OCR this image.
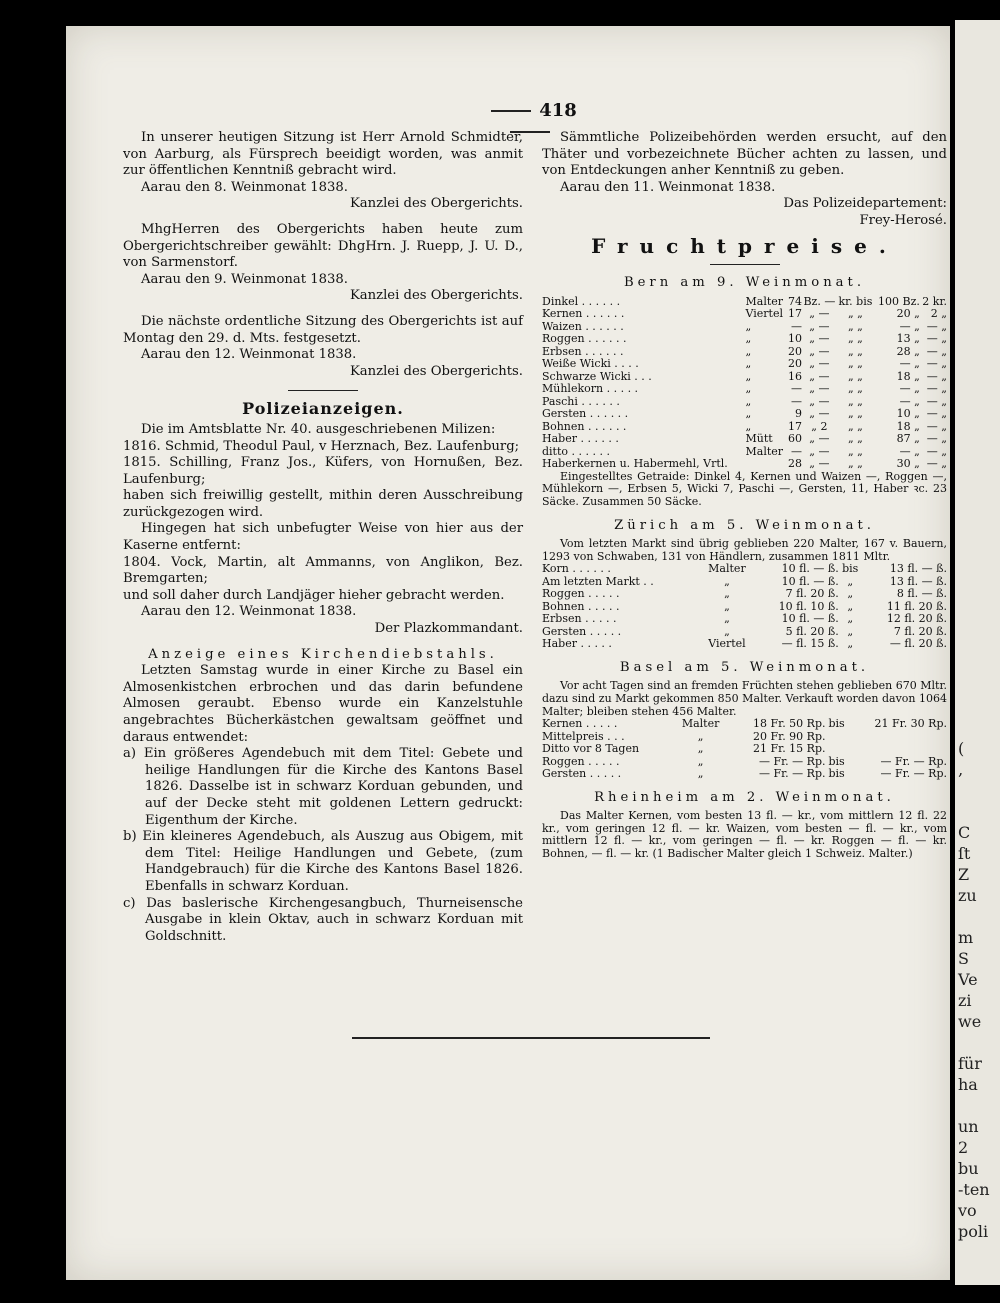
(
‚
C
ſt
Z
zu
m
S
Ve
zi
we
für
ha
un
2
bu
-ten
vo
poli
418

In unserer heutigen Sitzung ist Herr Arnold Schmidter, von Aarburg, als Fürsprech beeidigt worden, was anmit zur öffentlichen Kenntniß gebracht wird.

Aarau den 8. Weinmonat 1838.

Kanzlei des Obergerichts.

MhgHerren des Obergerichts haben heute zum Obergerichtschreiber gewählt: DhgHrn. J. Ruepp, J. U. D., von Sarmenstorf.

Aarau den 9. Weinmonat 1838.

Kanzlei des Obergerichts.

Die nächste ordentliche Sitzung des Obergerichts ist auf Montag den 29. d. Mts. festgesetzt.

Aarau den 12. Weinmonat 1838.

Kanzlei des Obergerichts.

Polizeianzeigen.

Die im Amtsblatte Nr. 40. ausgeschriebenen Milizen:

1816. Schmid, Theodul Paul, v Herznach, Bez. Laufenburg;

1815. Schilling, Franz Jos., Küfers, von Hornußen, Bez. Laufenburg;

haben sich freiwillig gestellt, mithin deren Ausschreibung zurückgezogen wird.

Hingegen hat sich unbefugter Weise von hier aus der Kaserne entfernt:

1804. Vock, Martin, alt Ammanns, von Anglikon, Bez. Bremgarten;

und soll daher durch Landjäger hieher gebracht werden.

Aarau den 12. Weinmonat 1838.

Der Plazkommandant.

Anzeige eines Kirchendiebstahls.

Letzten Samstag wurde in einer Kirche zu Basel ein Almosenkistchen erbrochen und das darin befundene Almosen geraubt. Ebenso wurde ein Kanzelstuhle angebrachtes Bücherkästchen gewaltsam geöffnet und daraus entwendet:

a) Ein größeres Agendebuch mit dem Titel: Gebete und heilige Handlungen für die Kirche des Kantons Basel 1826. Dasselbe ist in schwarz Korduan gebunden, und auf der Decke steht mit goldenen Lettern gedruckt: Eigenthum der Kirche.

b) Ein kleineres Agendebuch, als Auszug aus Obigem, mit dem Titel: Heilige Handlungen und Gebete, (zum Handgebrauch) für die Kirche des Kantons Basel 1826. Ebenfalls in schwarz Korduan.

c) Das baslerische Kirchengesangbuch, Thurneisensche Ausgabe in klein Oktav, auch in schwarz Korduan mit Goldschnitt.

Sämmtliche Polizeibehörden werden ersucht, auf den Thäter und vorbezeichnete Bücher achten zu lassen, und von Entdeckungen anher Kenntniß zu geben.

Aarau den 11. Weinmonat 1838.

Das Polizeidepartement:

Frey-Herosé.

Fruchtpreise.

Bern am 9. Weinmonat.

Dinkel . . . . . .	Malter	74	Bz. —	kr. bis	100 Bz.	2 kr.
Kernen . . . . . .	Viertel	17	„ —	„ „	20 „	2 „
Waizen . . . . . .	„	—	„ —	„ „	— „	— „
Roggen . . . . . .	„	10	„ —	„ „	13 „	— „
Erbsen . . . . . .	„	20	„ —	„ „	28 „	— „
Weiße Wicki . . . .	„	20	„ —	„ „	— „	— „
Schwarze Wicki . . .	„	16	„ —	„ „	18 „	— „
Mühlekorn . . . . .	„	—	„ —	„ „	— „	— „
Paschi . . . . . .	„	—	„ —	„ „	— „	— „
Gersten . . . . . .	„	9	„ —	„ „	10 „	— „
Bohnen . . . . . .	„	17	„ 2	„ „	18 „	— „
Haber . . . . . .	Mütt	60	„ —	„ „	87 „	— „
ditto . . . . . .	Malter	—	„ —	„ „	— „	— „
Haberkernen u. Habermehl, Vrtl.		28	„ —	„ „	30 „	— „

Eingestelltes Getraide: Dinkel 4, Kernen und Waizen —, Roggen —, Mühlekorn —, Erbsen 5, Wicki 7, Paschi —, Gersten, 11, Haber ꝛc. 23 Säcke. Zusammen 50 Säcke.

Zürich am 5. Weinmonat.

Vom letzten Markt sind übrig geblieben 220 Malter, 167 v. Bauern, 1293 von Schwaben, 131 von Händlern, zusammen 1811 Mltr.

Korn . . . . . .	Malter	10 fl. — ß.	bis	13 fl. — ß.
Am letzten Markt . .	„	10 fl. — ß.	„	13 fl. — ß.
Roggen . . . . .	„	7 fl. 20 ß.	„	8 fl. — ß.
Bohnen . . . . .	„	10 fl. 10 ß.	„	11 fl. 20 ß.
Erbsen . . . . .	„	10 fl. — ß.	„	12 fl. 20 ß.
Gersten . . . . .	„	5 fl. 20 ß.	„	7 fl. 20 ß.
Haber . . . . .	Viertel	— fl. 15 ß.	„	— fl. 20 ß.

Basel am 5. Weinmonat.

Vor acht Tagen sind an fremden Früchten stehen geblieben 670 Mltr. dazu sind zu Markt gekommen 850 Malter. Verkauft worden davon 1064 Malter; bleiben stehen 456 Malter.

Kernen . . . . .	Malter	18 Fr. 50 Rp.	bis	21 Fr. 30 Rp.
Mittelpreis . . .	„	20 Fr. 90 Rp.		
Ditto vor 8 Tagen	„	21 Fr. 15 Rp.		
Roggen . . . . .	„	— Fr. — Rp.	bis	— Fr. — Rp.
Gersten . . . . .	„	— Fr. — Rp.	bis	— Fr. — Rp.

Rheinheim am 2. Weinmonat.

Das Malter Kernen, vom besten 13 fl. — kr., vom mittlern 12 fl. 22 kr., vom geringen 12 fl. — kr. Waizen, vom besten — fl. — kr., vom mittlern 12 fl. — kr., vom geringen — fl. — kr. Roggen — fl. — kr. Bohnen, — fl. — kr. (1 Badischer Malter gleich 1 Schweiz. Malter.)
